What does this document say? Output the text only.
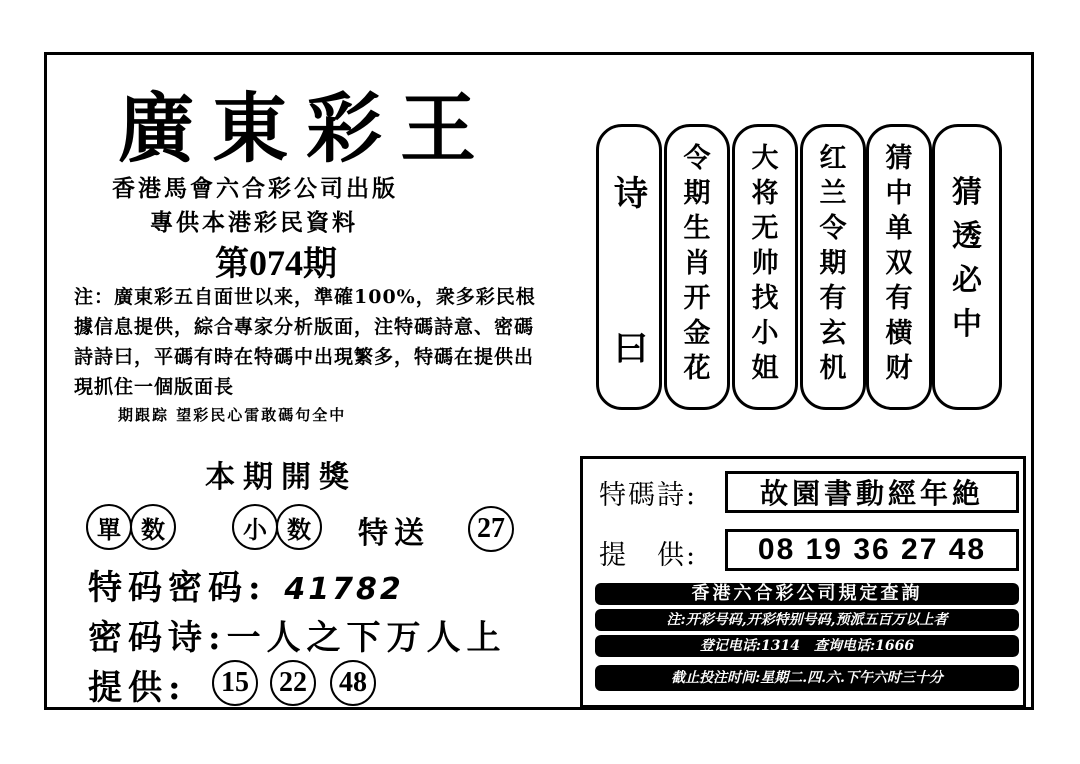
廣東彩王
香港馬會六合彩公司出版
專供本港彩民資料
第074期
注：廣東彩五自面世以来，準確100%，衆多彩民根據信息提供，綜合專家分析版面，注特碼詩意、密碼詩詩曰，平碼有時在特碼中出現繁多，特碼在提供出現抓住一個版面長
期跟踪 望彩民心雷敢碼句全中
本期開獎
單 数	小 数	特送	27
特码密码: 41782
密码诗:一人之下万人上
提供:	15	22	48
诗
曰
令期生肖开金花
大将无帅找小姐
红兰令期有玄机
猜中单双有横财
猜透必中
特碼詩:	故園書動經年絶
提　供:	08 19 36 27 48
香港六合彩公司規定查詢
注:开彩号码,开彩特别号码,预派五百万以上者
登记电话:1314　查询电话:1666
截止投注时间:星期二.四.六.下午六时三十分
